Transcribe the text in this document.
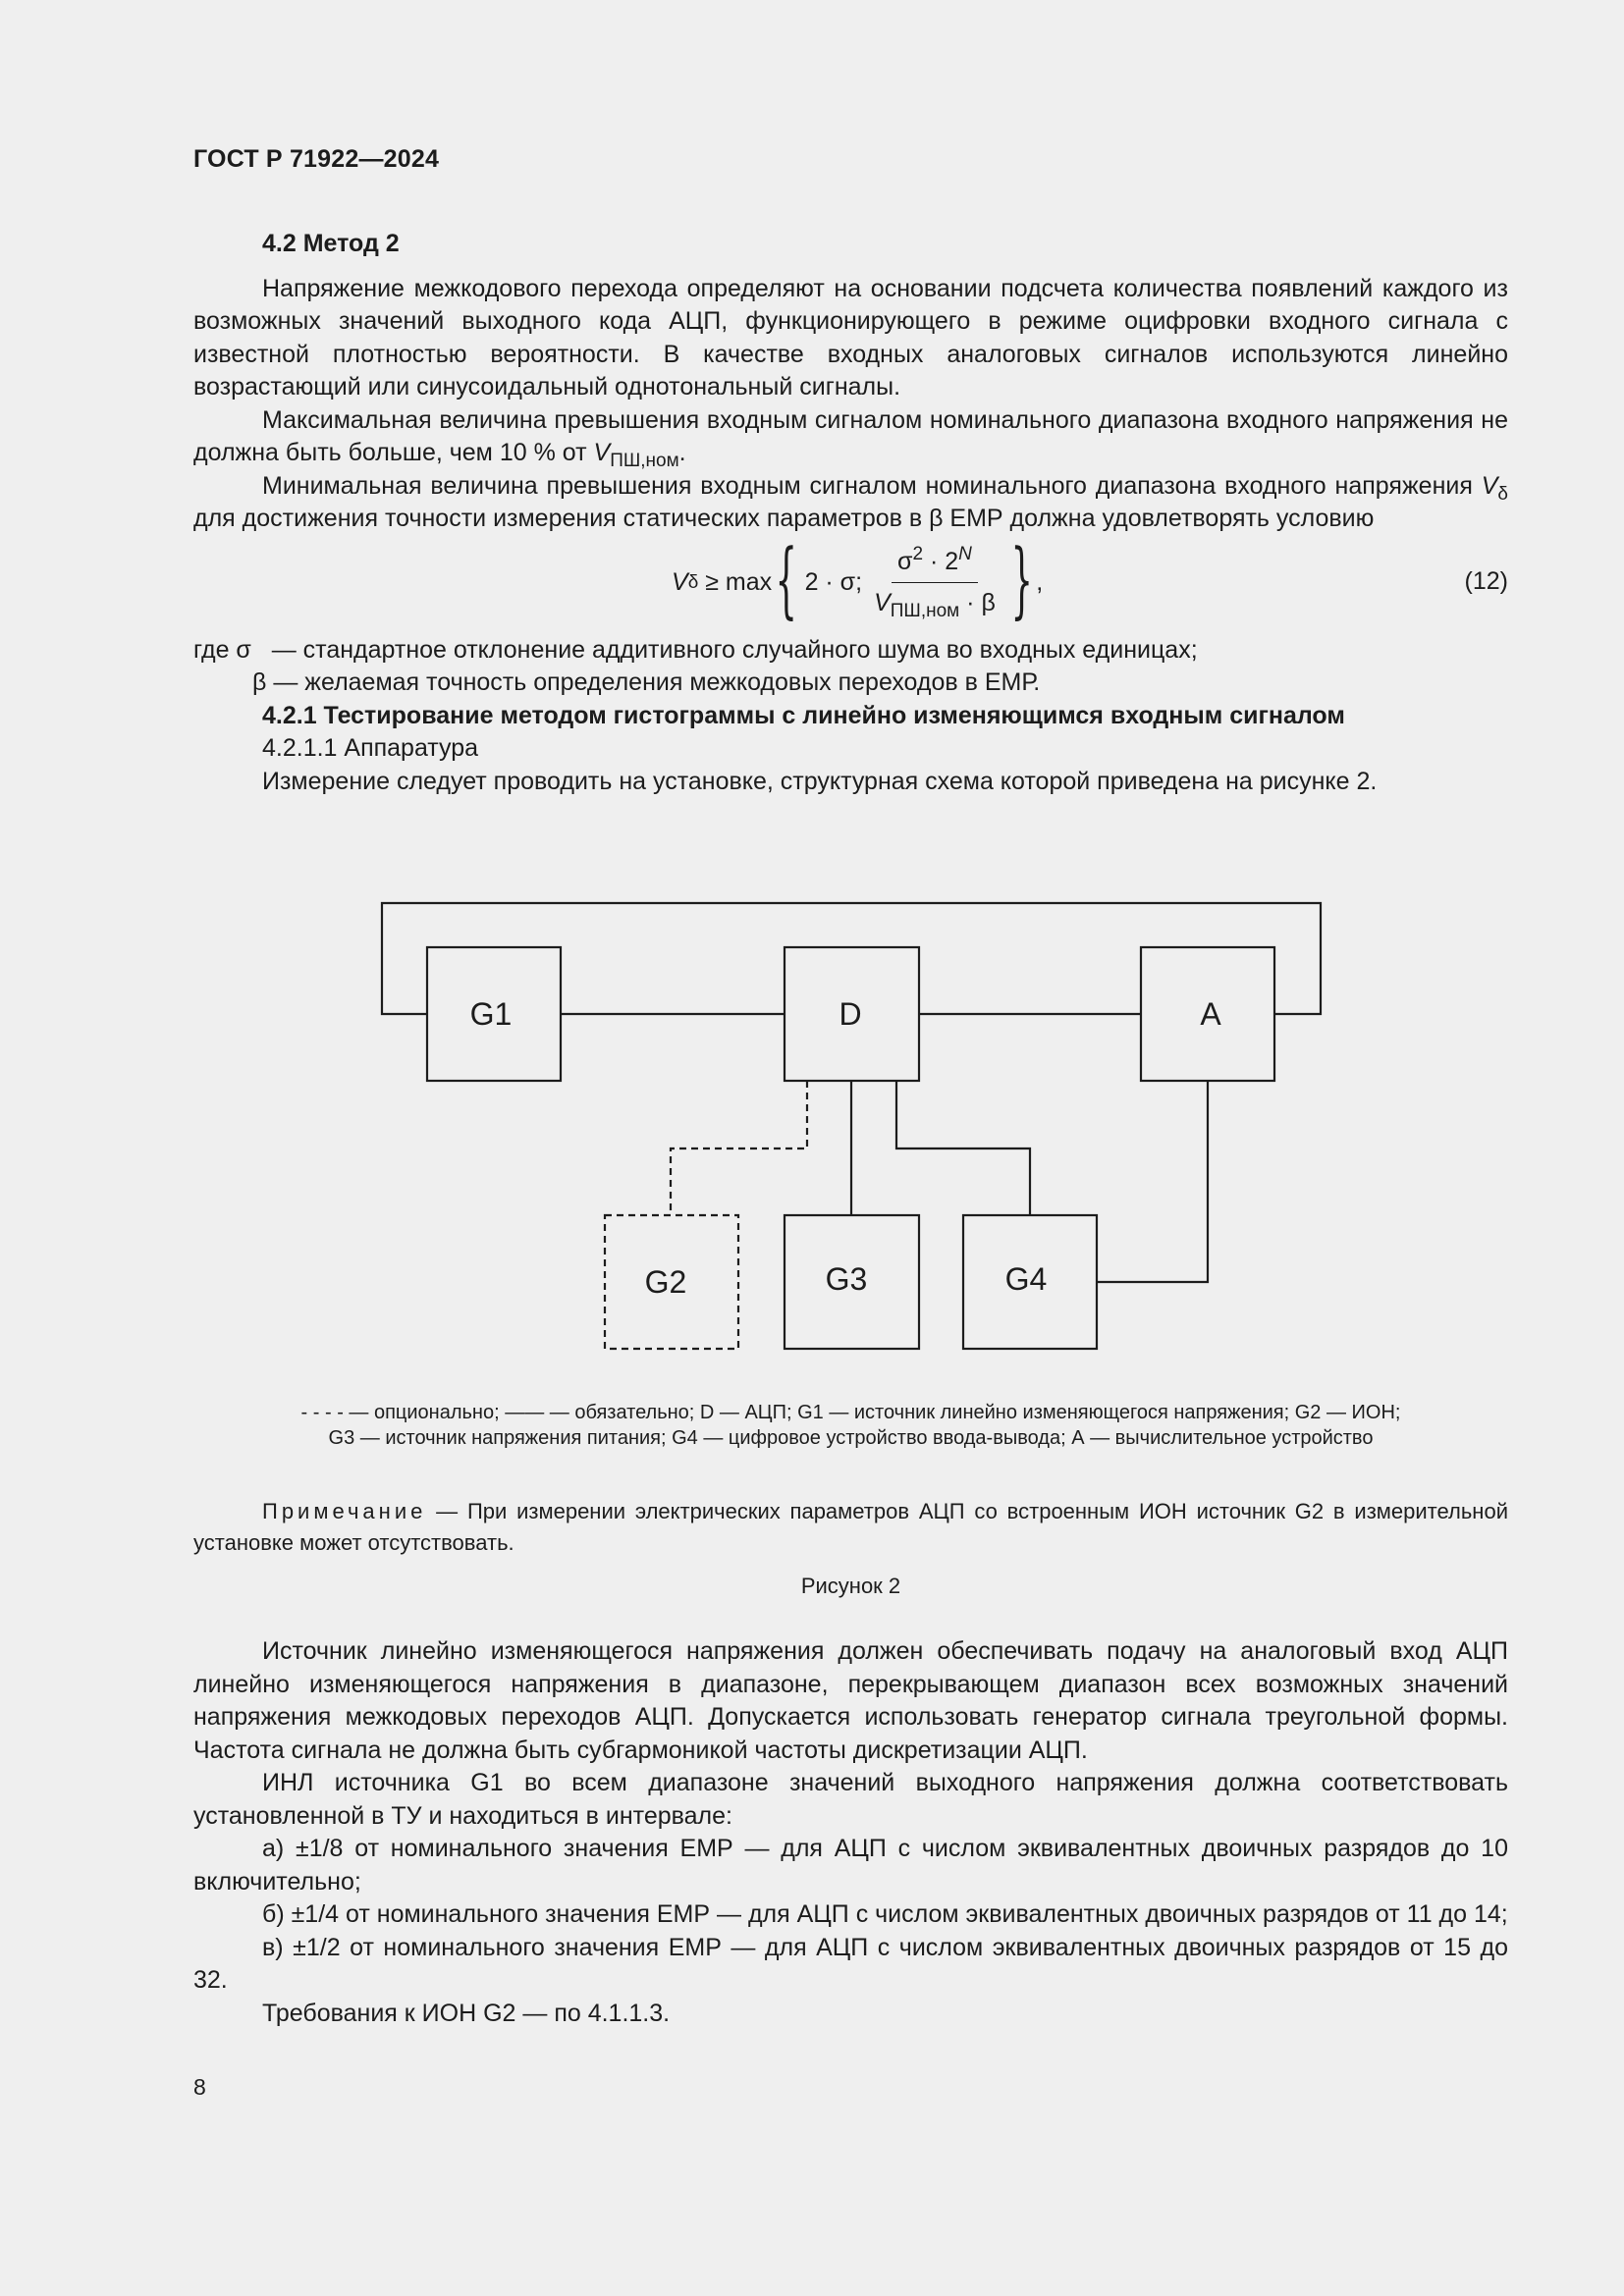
ГОСТ Р 71922—2024

4.2 Метод 2

Напряжение межкодового перехода определяют на основании подсчета количества появлений каждого из возможных значений выходного кода АЦП, функционирующего в режиме оцифровки входного сигнала с известной плотностью вероятности. В качестве входных аналоговых сигналов используются линейно возрастающий или синусоидальный однотональный сигналы.

Максимальная величина превышения входным сигналом номинального диапазона входного напряжения не должна быть больше, чем 10 % от $V_{ПШ,ном}$.

Минимальная величина превышения входным сигналом номинального диапазона входного напряжения $V_\delta$ для достижения точности измерения статических параметров в β ЕМР должна удовлетворять условию

V δ ≥ max { 2 · σ; $\frac{\sigma^2 \cdot 2^N}{V_{ПШ,ном} \cdot \beta}$ } ,	(12)

где σ   — стандартное отклонение аддитивного случайного шума во входных единицах;

β — желаемая точность определения межкодовых переходов в ЕМР.

4.2.1 Тестирование методом гистограммы с линейно изменяющимся входным сигналом

4.2.1.1 Аппаратура

Измерение следует проводить на установке, структурная схема которой приведена на рисунке 2.

G1	D	A
G2	G3	G4
- - - - — опционально; —— — обязательно; D — АЦП; G1 — источник линейно изменяющегося напряжения; G2 — ИОН;
G3 — источник напряжения питания; G4 — цифровое устройство ввода-вывода; А — вычислительное устройство
Примечание — При измерении электрических параметров АЦП со встроенным ИОН источник G2 в измерительной установке может отсутствовать.
Рисунок 2

Источник линейно изменяющегося напряжения должен обеспечивать подачу на аналоговый вход АЦП линейно изменяющегося напряжения в диапазоне, перекрывающем диапазон всех возможных значений напряжения межкодовых переходов АЦП. Допускается использовать генератор сигнала треугольной формы. Частота сигнала не должна быть субгармоникой частоты дискретизации АЦП.

ИНЛ источника G1 во всем диапазоне значений выходного напряжения должна соответствовать установленной в ТУ и находиться в интервале:

а) ±1/8 от номинального значения ЕМР — для АЦП с числом эквивалентных двоичных разрядов до 10 включительно;

б) ±1/4 от номинального значения ЕМР — для АЦП с числом эквивалентных двоичных разрядов от 11 до 14;

в) ±1/2 от номинального значения ЕМР — для АЦП с числом эквивалентных двоичных разрядов от 15 до 32.

Требования к ИОН G2 — по 4.1.1.3.

8
